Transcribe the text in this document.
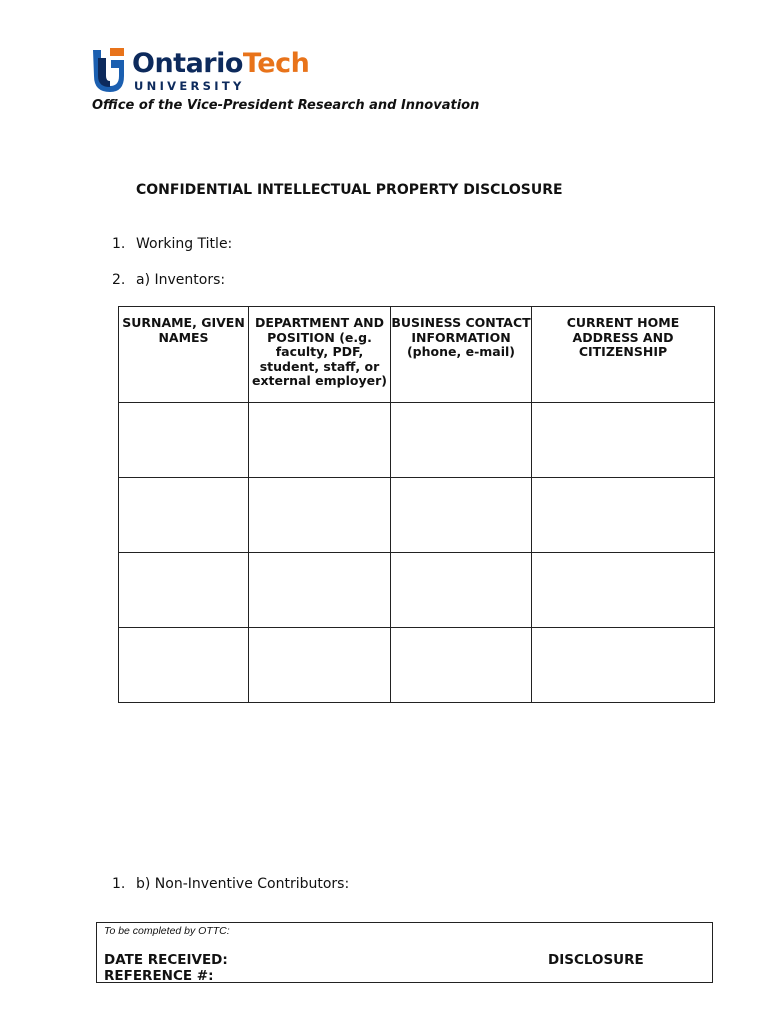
OntarioTech
UNIVERSITY
Office of the Vice-President Research and Innovation
CONFIDENTIAL INTELLECTUAL PROPERTY DISCLOSURE
1. Working Title:
2. a) Inventors:
SURNAME, GIVEN NAMES	DEPARTMENT AND POSITION (e.g. faculty, PDF, student, staff, or external employer)	BUSINESS CONTACT INFORMATION (phone, e-mail)	CURRENT HOME ADDRESS AND CITIZENSHIP

1. b) Non-Inventive Contributors:
To be completed by OTTC:
DATE RECEIVED:
REFERENCE #:
DISCLOSURE
